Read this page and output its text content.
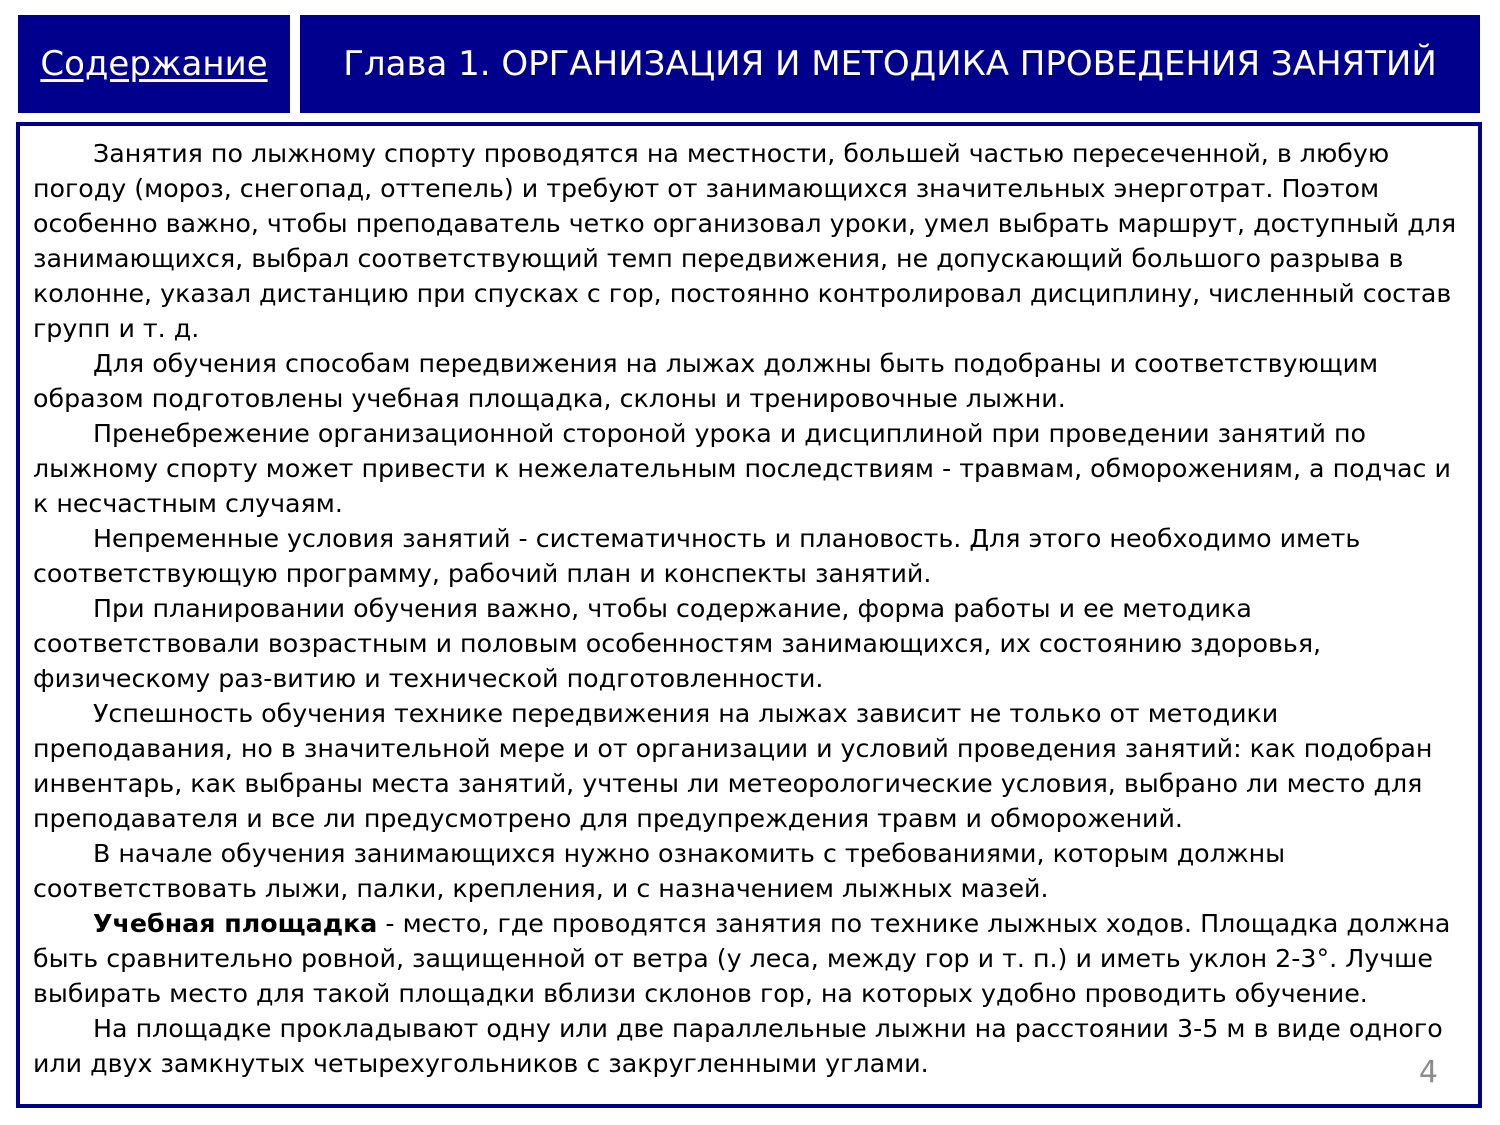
Содержание Глава 1. ОРГАНИЗАЦИЯ И МЕТОДИКА ПРОВЕДЕНИЯ ЗАНЯТИЙ

Занятия по лыжному спорту проводятся на местности, большей частью пересеченной, в любую погоду (мороз, снегопад, оттепель) и требуют от занимающихся значительных энерготрат. Поэтом особенно важно, чтобы преподаватель четко организовал уроки, умел выбрать маршрут, доступный для занимающихся, выбрал соответствующий темп передвижения, не допускающий большого разрыва в колонне, указал дистанцию при спусках с гор, постоянно контролировал дисциплину, численный состав групп и т. д.

Для обучения способам передвижения на лыжах должны быть подобраны и соответствующим образом подготовлены учебная площадка, склоны и тренировочные лыжни.

Пренебрежение организационной стороной урока и дисциплиной при проведении занятий по лыжному спорту может привести к нежелательным последствиям - травмам, обморожениям, а подчас и к несчастным случаям.

Непременные условия занятий - систематичность и плановость. Для этого необходимо иметь соответствующую программу, рабочий план и конспекты занятий.

При планировании обучения важно, чтобы содержание, форма работы и ее методика соответствовали возрастным и половым особенностям занимающихся, их состоянию здоровья, физическому раз-витию и технической подготовленности.

Успешность обучения технике передвижения на лыжах зависит не только от методики преподавания, но в значительной мере и от организации и условий проведения занятий: как подобран инвентарь, как выбраны места занятий, учтены ли метеорологические условия, выбрано ли место для преподавателя и все ли предусмотрено для предупреждения травм и обморожений.

В начале обучения занимающихся нужно ознакомить с требованиями, которым должны соответствовать лыжи, палки, крепления, и с назначением лыжных мазей.

Учебная площадка - место, где проводятся занятия по технике лыжных ходов. Площадка должна быть сравнительно ровной, защищенной от ветра (у леса, между гор и т. п.) и иметь уклон 2-3°. Лучше выбирать место для такой площадки вблизи склонов гор, на которых удобно проводить обучение.

На площадке прокладывают одну или две параллельные лыжни на расстоянии 3-5 м в виде одного или двух замкнутых четырехугольников с закругленными углами.	4
